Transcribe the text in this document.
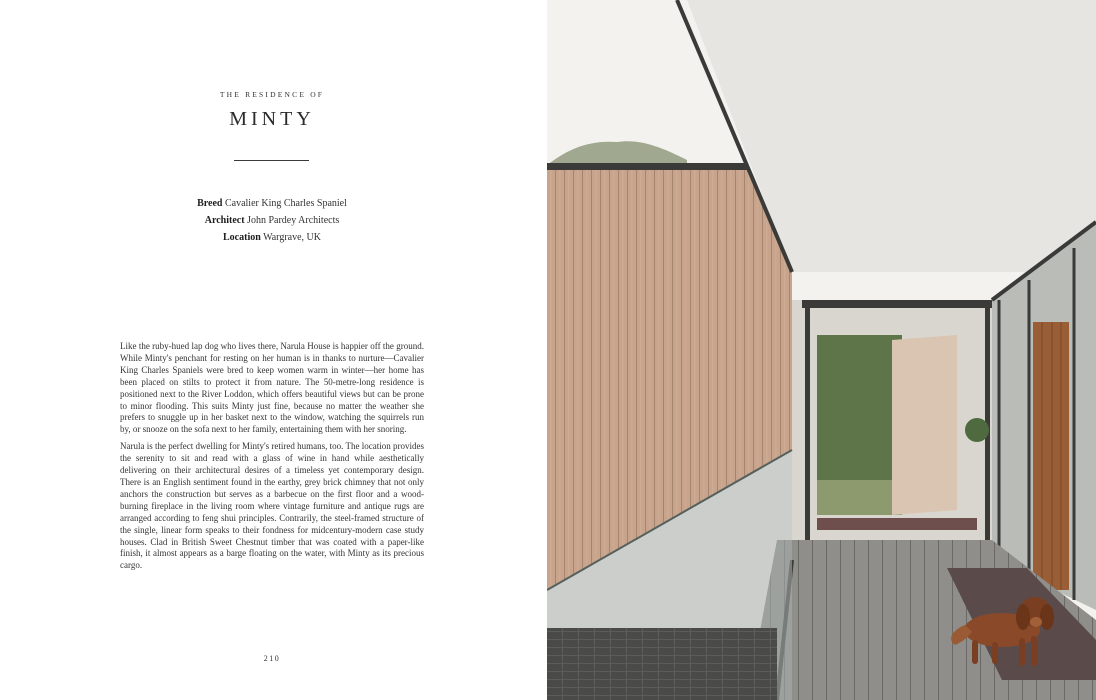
THE RESIDENCE OF
MINTY
Breed Cavalier King Charles Spaniel
Architect John Pardey Architects
Location Wargrave, UK

Like the ruby-hued lap dog who lives there, Narula House is happier off the ground. While Minty's penchant for resting on her human is in thanks to nurture—Cavalier King Charles Spaniels were bred to keep women warm in winter—her home has been placed on stilts to protect it from nature. The 50-metre-long residence is positioned next to the River Loddon, which offers beautiful views but can be prone to minor flooding. This suits Minty just fine, because no matter the weather she prefers to snuggle up in her basket next to the window, watching the squirrels run by, or snooze on the sofa next to her family, entertaining them with her snoring.

Narula is the perfect dwelling for Minty's retired humans, too. The location provides the serenity to sit and read with a glass of wine in hand while aesthetically delivering on their architectural desires of a timeless yet contemporary design. There is an English sentiment found in the earthy, grey brick chimney that not only anchors the construction but serves as a barbecue on the first floor and a wood-burning fireplace in the living room where vintage furniture and antique rugs are arranged according to feng shui principles. Contrarily, the steel-framed structure of the single, linear form speaks to their fondness for midcentury-modern case study houses. Clad in British Sweet Chestnut timber that was coated with a paper-like finish, it almost appears as a barge floating on the water, with Minty as its precious cargo.

210
